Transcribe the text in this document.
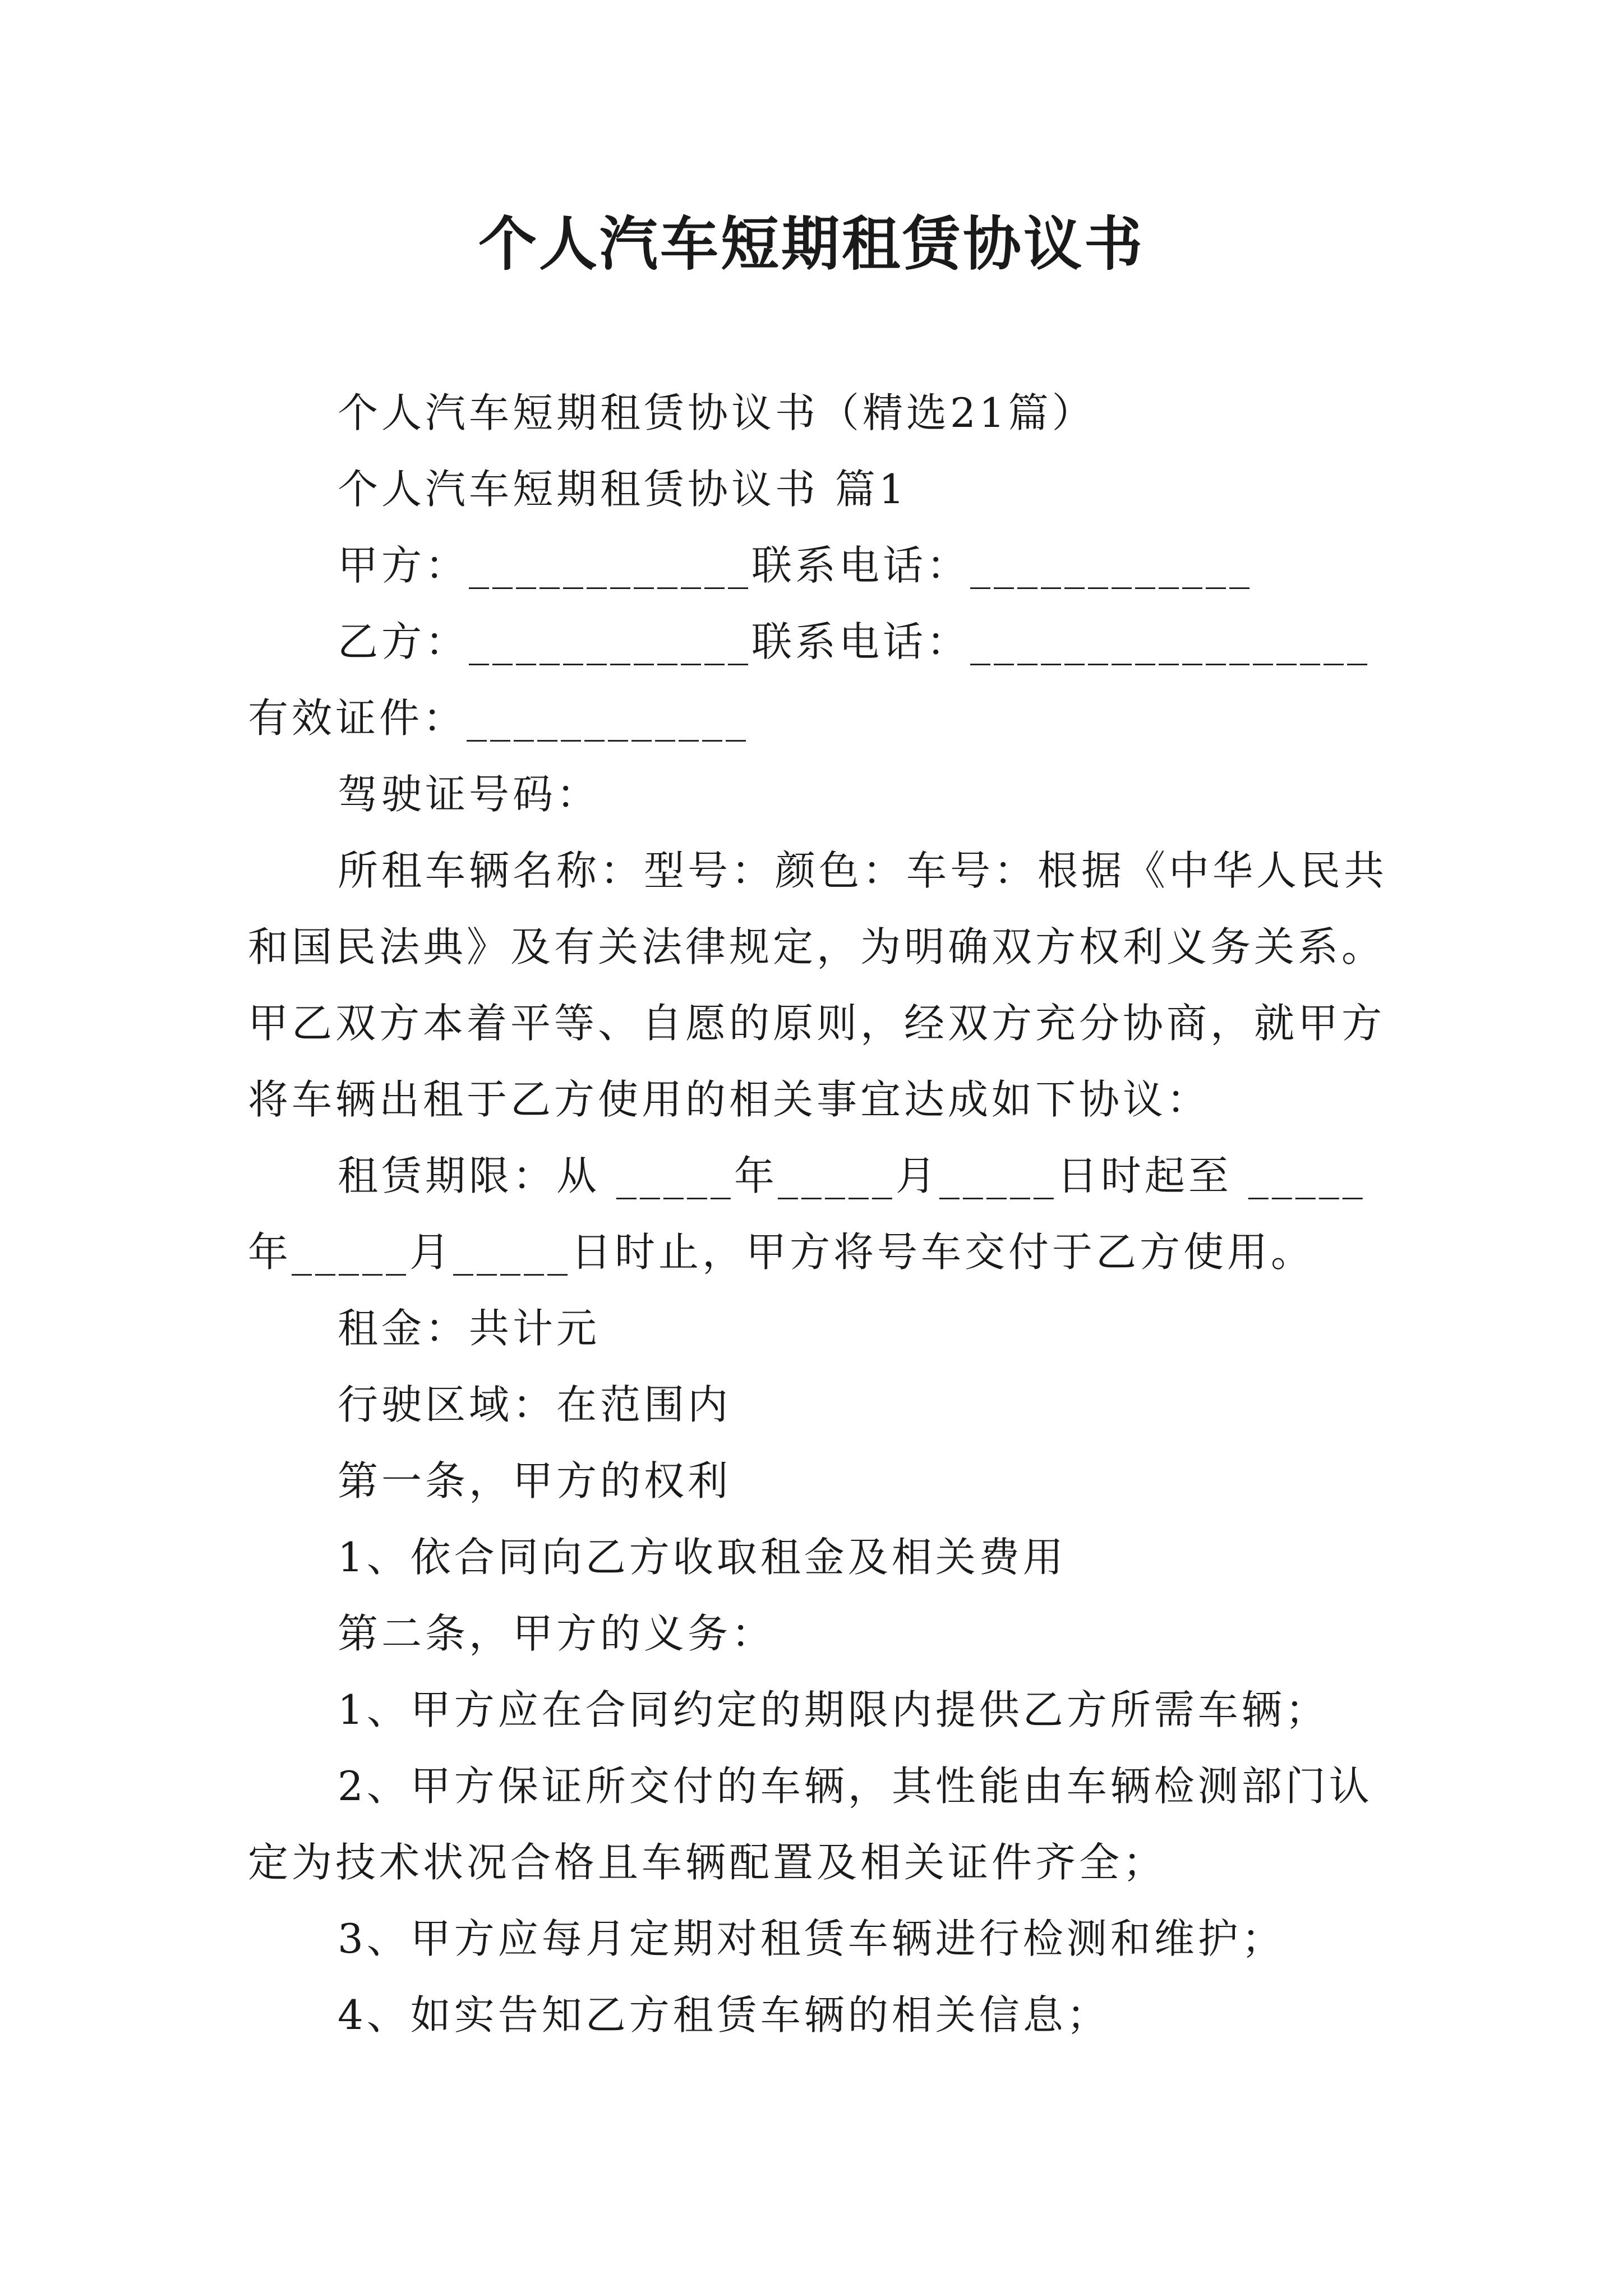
个人汽车短期租赁协议书

个人汽车短期租赁协议书（精选21篇）

个人汽车短期租赁协议书 篇1

甲方：____________联系电话：____________

乙方：____________联系电话：_________________有效证件：____________

驾驶证号码：

所租车辆名称：型号：颜色：车号：根据《中华人民共和国民法典》及有关法律规定，为明确双方权利义务关系。甲乙双方本着平等、自愿的原则，经双方充分协商，就甲方将车辆出租于乙方使用的相关事宜达成如下协议：

租赁期限：从 _____年_____月_____日时起至 _____年_____月_____日时止，甲方将号车交付于乙方使用。

租金：共计元

行驶区域：在范围内

第一条，甲方的权利

1、依合同向乙方收取租金及相关费用

第二条，甲方的义务：

1、甲方应在合同约定的期限内提供乙方所需车辆；

2、甲方保证所交付的车辆，其性能由车辆检测部门认定为技术状况合格且车辆配置及相关证件齐全；

3、甲方应每月定期对租赁车辆进行检测和维护；

4、如实告知乙方租赁车辆的相关信息；
